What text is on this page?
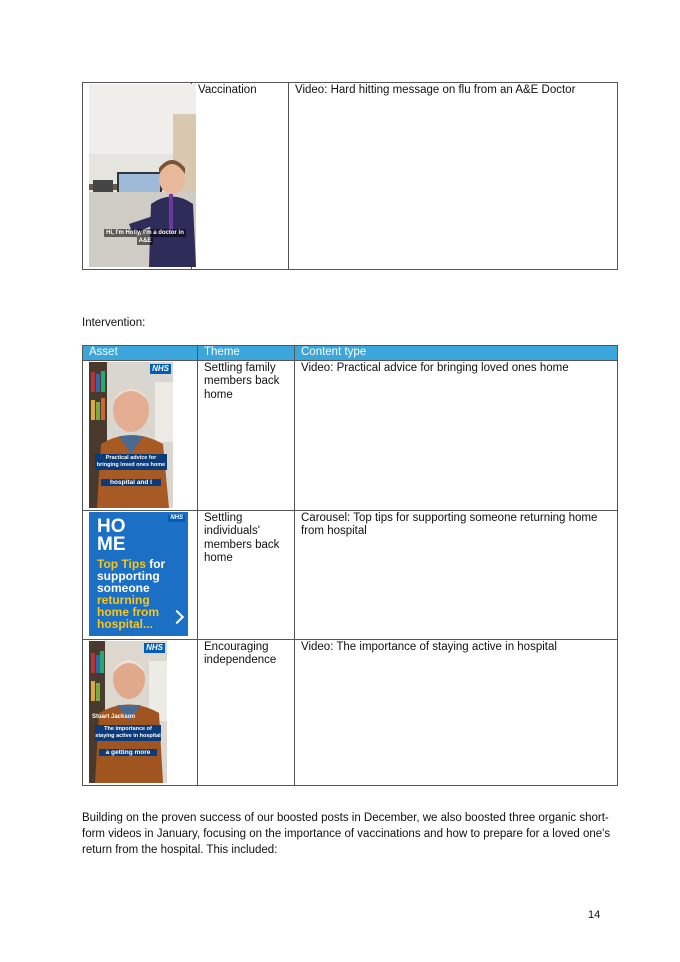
Hi, I'm Holly, I'm a doctor in
A&E
	Vaccination	Video: Hard hitting message on flu from an A&E Doctor
Intervention:
Asset	Theme	Content type

NHS
Practical advice for bringing loved ones home
hospital and I	Settling family members back home	Video: Practical advice for bringing loved ones home

NHS
HO
ME
Top Tips for supporting someone returning home from hospital...	Settling individuals' members back home	Carousel: Top tips for supporting someone returning home from hospital

NHS
Stuart Jackson
The importance of staying active in hospital
a getting more	Encouraging independence	Video: The importance of staying active in hospital
Building on the proven success of our boosted posts in December, we also boosted three organic short-form videos in January, focusing on the importance of vaccinations and how to prepare for a loved one's return from the hospital. This included:
14
